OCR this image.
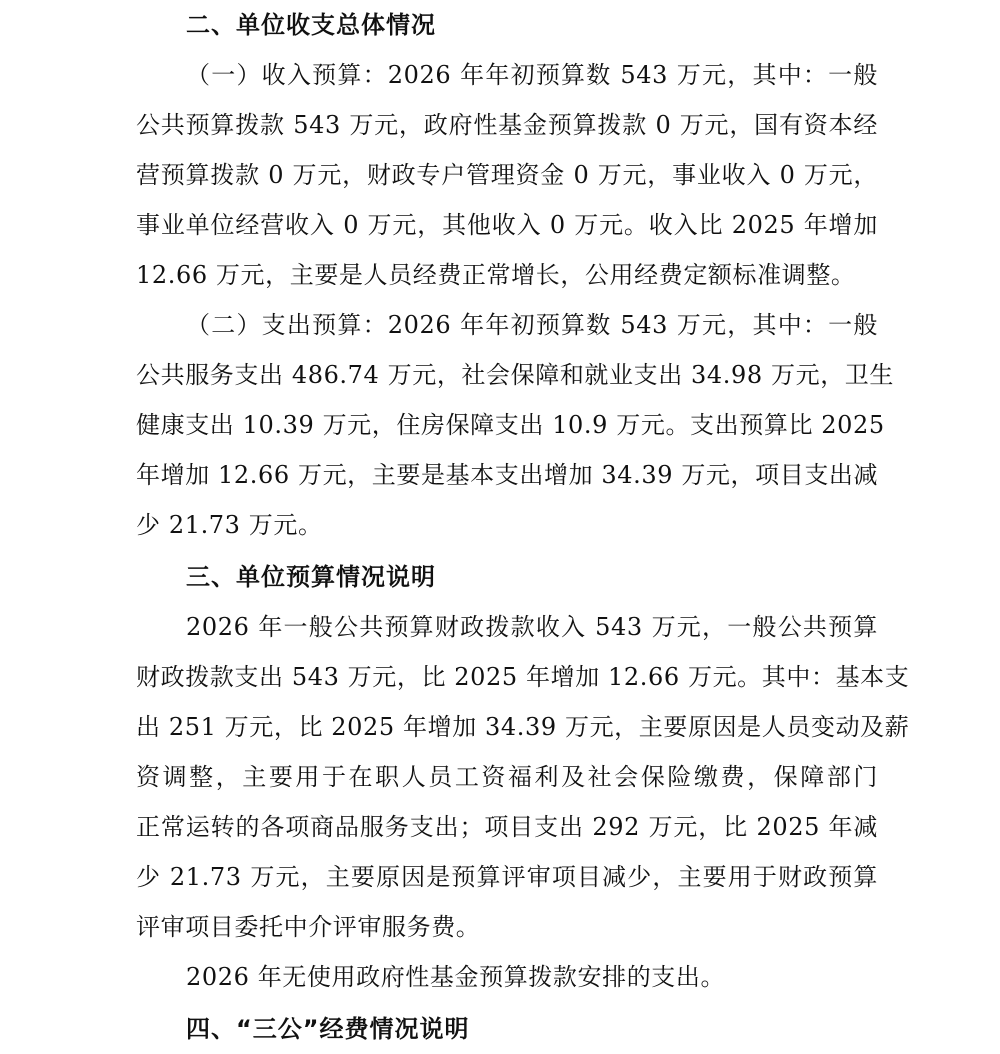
二、单位收支总体情况
（一）收入预算：2026 年年初预算数 543 万元，其中：一般
公共预算拨款 543 万元，政府性基金预算拨款 0 万元，国有资本经
营预算拨款 0 万元，财政专户管理资金 0 万元，事业收入 0 万元，
事业单位经营收入 0 万元，其他收入 0 万元。收入比 2025 年增加
12.66 万元，主要是人员经费正常增长，公用经费定额标准调整。
（二）支出预算：2026 年年初预算数 543 万元，其中：一般
公共服务支出 486.74 万元，社会保障和就业支出 34.98 万元，卫生
健康支出 10.39 万元，住房保障支出 10.9 万元。支出预算比 2025
年增加 12.66 万元，主要是基本支出增加 34.39 万元，项目支出减
少 21.73 万元。
三、单位预算情况说明
2026 年一般公共预算财政拨款收入 543 万元，一般公共预算
财政拨款支出 543 万元，比 2025 年增加 12.66 万元。其中：基本支
出 251 万元，比 2025 年增加 34.39 万元，主要原因是人员变动及薪
资调整，主要用于在职人员工资福利及社会保险缴费，保障部门
正常运转的各项商品服务支出；项目支出 292 万元，比 2025 年减
少 21.73 万元，主要原因是预算评审项目减少，主要用于财政预算
评审项目委托中介评审服务费。
2026 年无使用政府性基金预算拨款安排的支出。
四、“三公”经费情况说明
